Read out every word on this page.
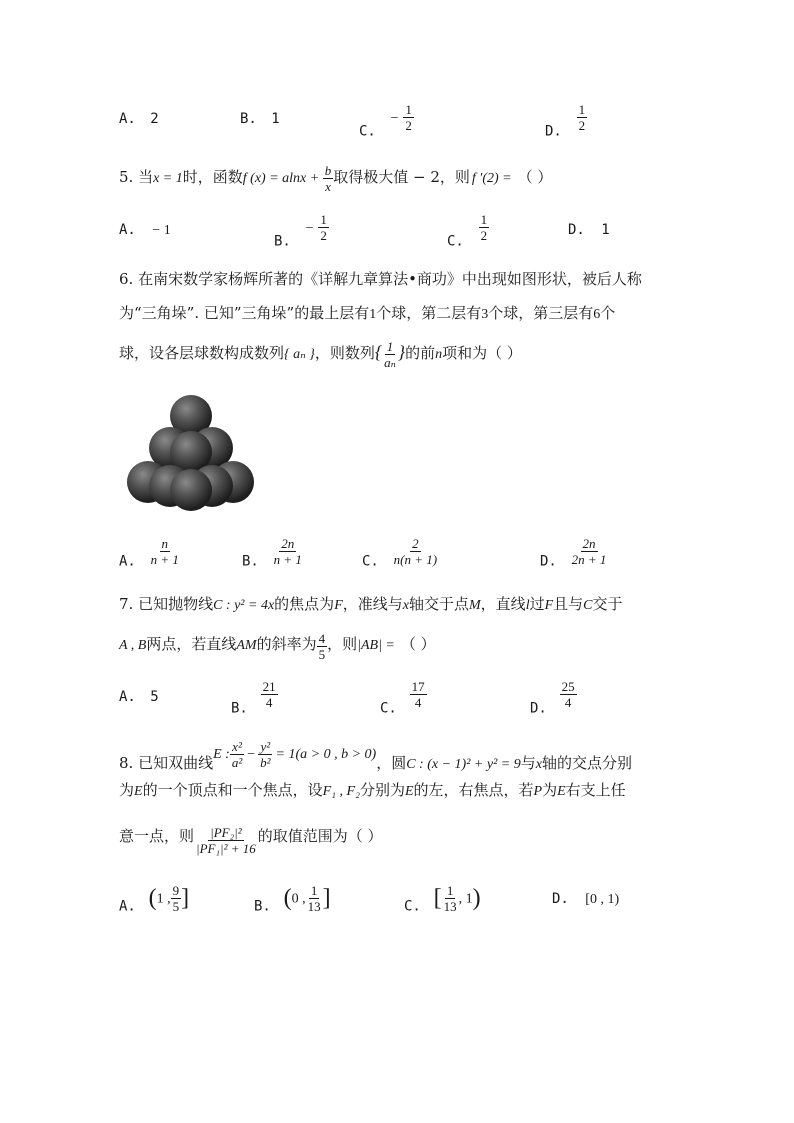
A. 2	B. 1
C. − $\frac{1}{2}$	D. $\frac{1}{2}$
5. 当x = 1时，函数f $(x) = alnx + \frac{b}{x}$ 取得极大值 − 2，则 f ′(2) = （ ）
A. − 1
B. − $\frac{1}{2}$	C. $\frac{1}{2}$	D. 1
6. 在南宋数学家杨辉所著的《详解九章算法•商功》中出现如图形状，被后人称
为“三角垛”. 已知”三角垛”的最上层有1个球，第二层有3个球，第三层有6个
球，设各层球数构成数列{ aₙ }，则数列{ $\frac{1}{\text{aₙ}}$ }的前n项和为（ ）
A. $\frac{n}{n + 1}$	B. $\frac{2n}{n + 1}$	C. $\frac{2}{n(n + 1)}$	D. $\frac{2n}{2n + 1}$
7. 已知抛物线C : y² = 4x的焦点为F，准线与x轴交于点M，直线l过F且与C交于
A , B两点，若直线AM的斜率为 $\frac{4}{5}$ ，则|AB| = （ ）
A. 5
B. $\frac{21}{4}$	C. $\frac{17}{4}$	D. $\frac{25}{4}$
8. 已知双曲线E : $\frac{\text{x²}}{\text{a²}} - \frac{\text{y²}}{\text{b²}} = 1(a > 0$ , b > 0)，圆C : (x − 1)² + y² = 9与x轴的交点分别
为E的一个顶点和一个焦点，设F₁ , F₂分别为E的左，右焦点，若P为E右支上任
意一点，则 $\frac{\text{|PF₂|²}}{\text{|PF₁|² + 16}}$ 的取值范围为（ ）
A. (1 , $\frac{9}{5}$ ]	B. (0 , $\frac{1}{13}$ ]	C. [ $\frac{1}{13}$ , 1)	D. [0 , 1)
